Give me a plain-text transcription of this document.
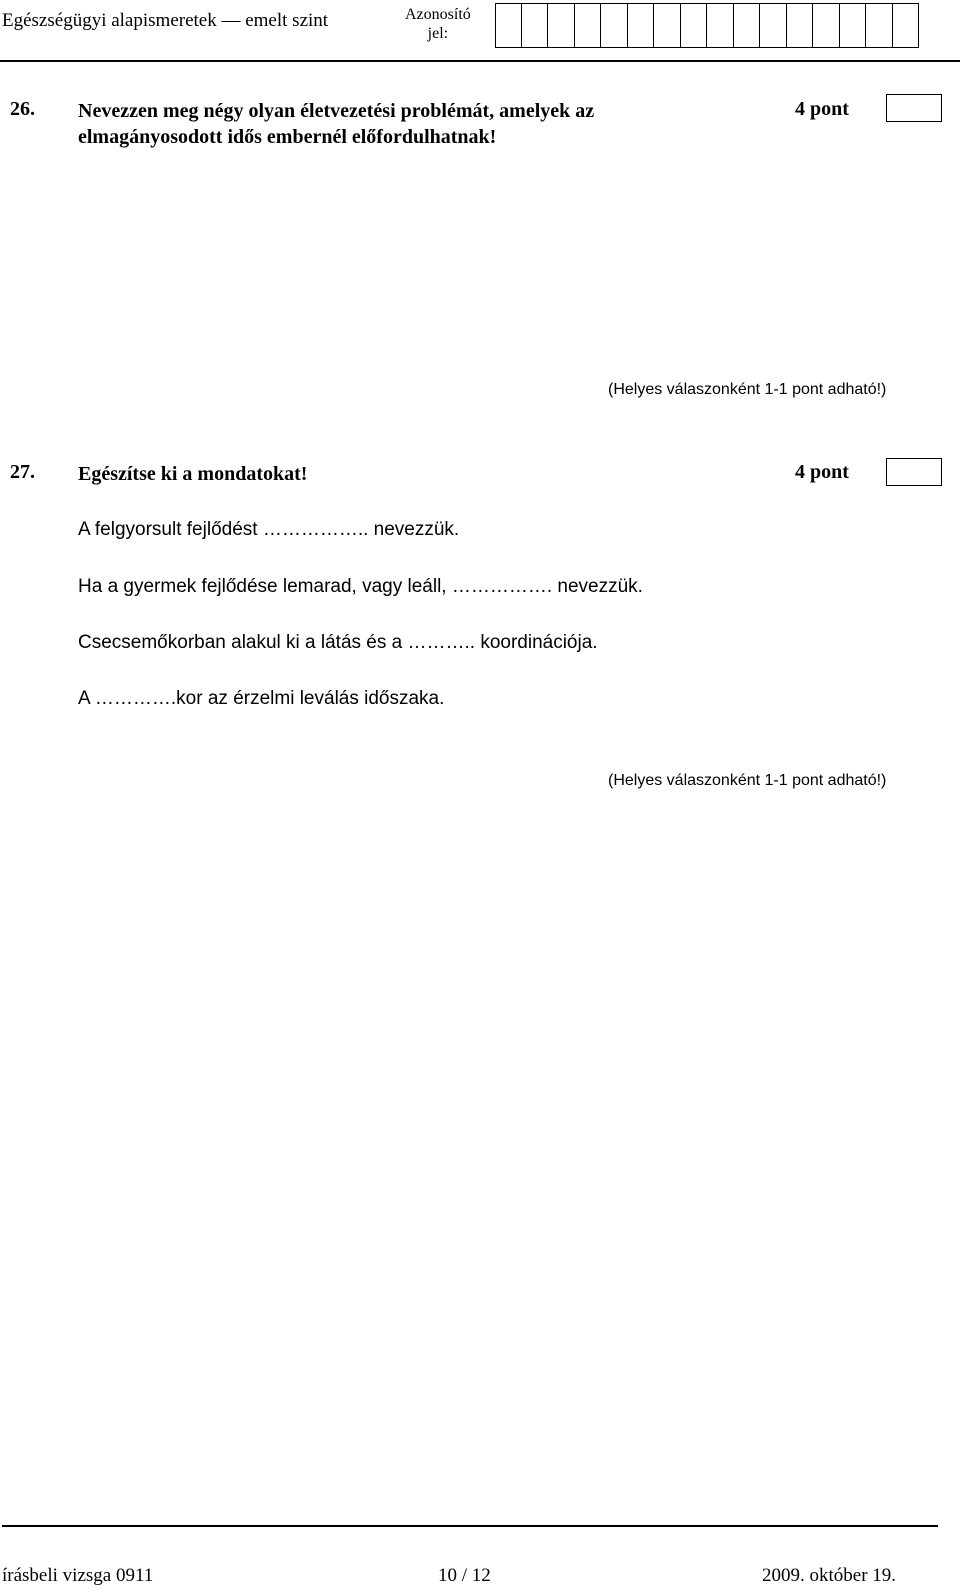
Egészségügyi alapismeretek — emelt szint	Azonosító
jel:
26. Nevezzen meg négy olyan életvezetési problémát, amelyek az
elmagányosodott idős embernél előfordulhatnak!
4 pont
(Helyes válaszonként 1-1 pont adható!)
27. Egészítse ki a mondatokat!	4 pont
A felgyorsult fejlődést …………….. nevezzük.
Ha a gyermek fejlődése lemarad, vagy leáll, ……………. nevezzük.
Csecsemőkorban alakul ki a látás és a ……….. koordinációja.
A ………….kor az érzelmi leválás időszaka.
(Helyes válaszonként 1-1 pont adható!)
írásbeli vizsga 0911	10 / 12	2009. október 19.
